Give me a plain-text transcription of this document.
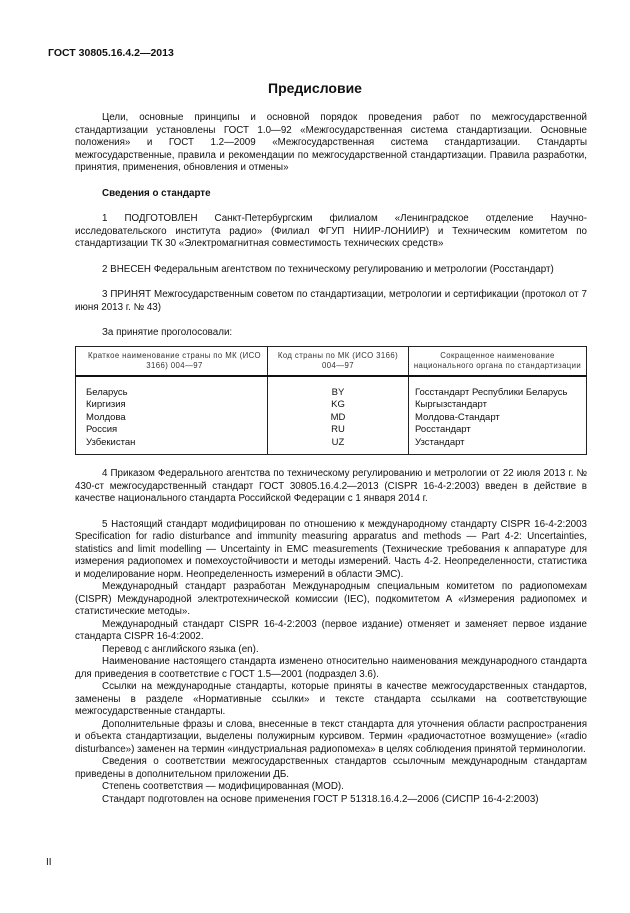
ГОСТ 30805.16.4.2—2013
Предисловие

Цели, основные принципы и основной порядок проведения работ по межгосударственной стандартизации установлены ГОСТ 1.0—92 «Межгосударственная система стандартизации. Основные положения» и ГОСТ 1.2—2009 «Межгосударственная система стандартизации. Стандарты межгосударственные, правила и рекомендации по межгосударственной стандартизации. Правила разработки, принятия, применения, обновления и отмены»

Сведения о стандарте

1 ПОДГОТОВЛЕН Санкт-Петербургским филиалом «Ленинградское отделение Научно-исследовательского института радио» (Филиал ФГУП НИИР-ЛОНИИР) и Техническим комитетом по стандартизации ТК 30 «Электромагнитная совместимость технических средств»

2 ВНЕСЕН Федеральным агентством по техническому регулированию и метрологии (Росстандарт)

3 ПРИНЯТ Межгосударственным советом по стандартизации, метрологии и сертификации (протокол от 7 июня 2013 г. № 43)

За принятие проголосовали:

Краткое наименование страны по МК (ИСО 3166) 004—97	Код страны по МК (ИСО 3166) 004—97	Сокращенное наименование национального органа по стандартизации
Беларусь	BY	Госстандарт Республики Беларусь
Киргизия	KG	Кыргызстандарт
Молдова	MD	Молдова-Стандарт
Россия	RU	Росстандарт
Узбекистан	UZ	Узстандарт

4 Приказом Федерального агентства по техническому регулированию и метрологии от 22 июля 2013 г. № 430-ст межгосударственный стандарт ГОСТ 30805.16.4.2—2013 (CISPR 16-4-2:2003) введен в действие в качестве национального стандарта Российской Федерации с 1 января 2014 г.

5 Настоящий стандарт модифицирован по отношению к международному стандарту CISPR 16-4-2:2003 Specification for radio disturbance and immunity measuring apparatus and methods — Part 4-2: Uncertainties, statistics and limit modelling — Uncertainty in EMC measurements (Технические требования к аппаратуре для измерения радиопомех и помехоустойчивости и методы измерений. Часть 4-2. Неопределенности, статистика и моделирование норм. Неопределенность измерений в области ЭМС).

Международный стандарт разработан Международным специальным комитетом по радиопомехам (CISPR) Международной электротехнической комиссии (IEC), подкомитетом А «Измерения радиопомех и статистические методы».

Международный стандарт CISPR 16-4-2:2003 (первое издание) отменяет и заменяет первое издание стандарта CISPR 16-4:2002.

Перевод с английского языка (en).

Наименование настоящего стандарта изменено относительно наименования международного стандарта для приведения в соответствие с ГОСТ 1.5—2001 (подраздел 3.6).

Ссылки на международные стандарты, которые приняты в качестве межгосударственных стандартов, заменены в разделе «Нормативные ссылки» и тексте стандарта ссылками на соответствующие межгосударственные стандарты.

Дополнительные фразы и слова, внесенные в текст стандарта для уточнения области распространения и объекта стандартизации, выделены полужирным курсивом. Термин «радиочастотное возмущение» («radio disturbance») заменен на термин «индустриальная радиопомеха» в целях соблюдения принятой терминологии.

Сведения о соответствии межгосударственных стандартов ссылочным международным стандартам приведены в дополнительном приложении ДБ.

Степень соответствия — модифицированная (MOD).

Стандарт подготовлен на основе применения ГОСТ Р 51318.16.4.2—2006 (СИСПР 16-4-2:2003)

II
